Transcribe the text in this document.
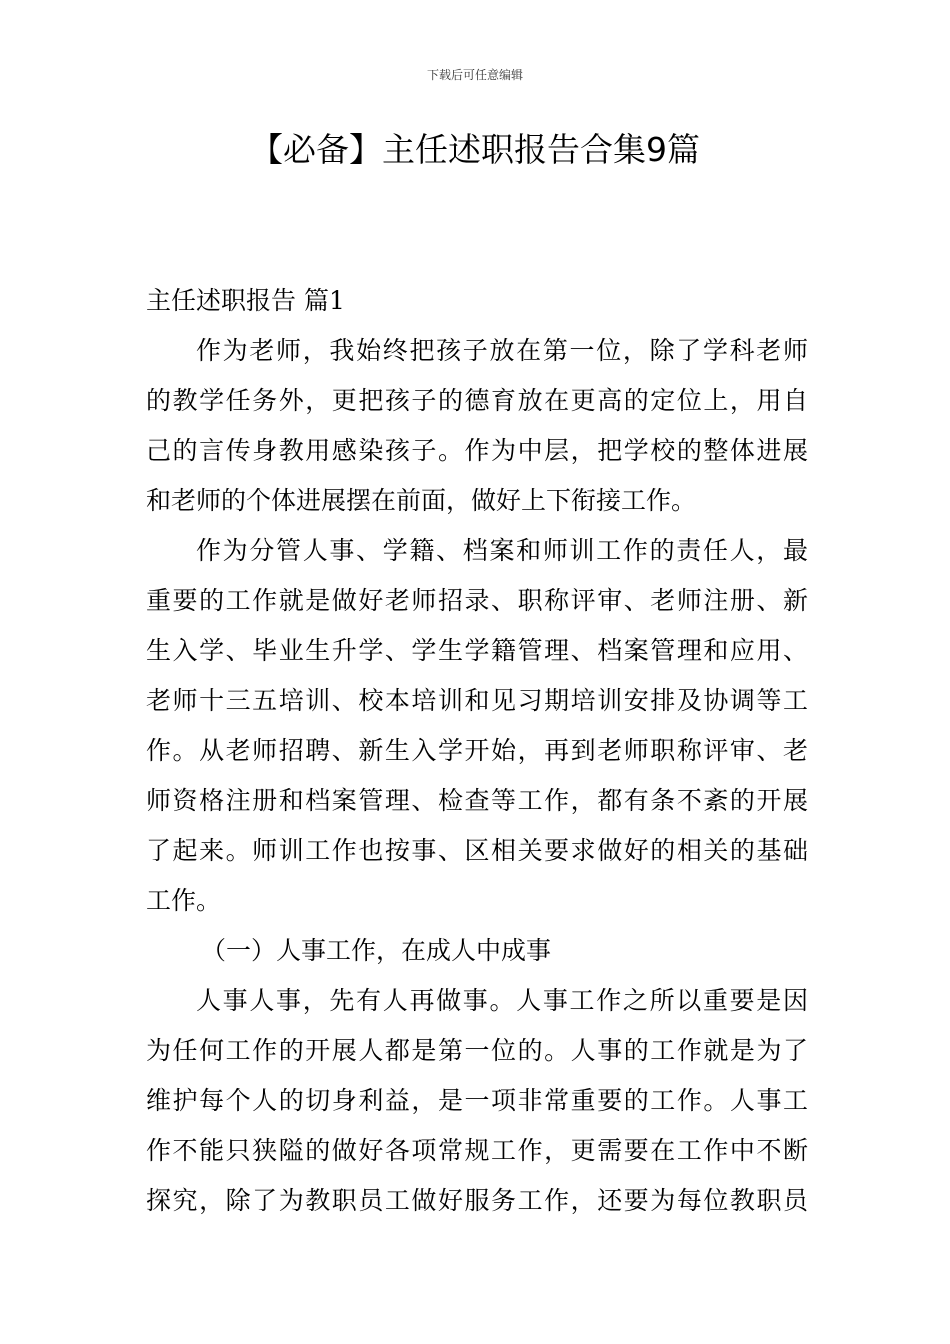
下载后可任意编辑
【必备】主任述职报告合集9篇
主任述职报告 篇1
作为老师，我始终把孩子放在第一位，除了学科老师
的教学任务外，更把孩子的德育放在更高的定位上，用自
己的言传身教用感染孩子。作为中层，把学校的整体进展
和老师的个体进展摆在前面，做好上下衔接工作。
作为分管人事、学籍、档案和师训工作的责任人，最
重要的工作就是做好老师招录、职称评审、老师注册、新
生入学、毕业生升学、学生学籍管理、档案管理和应用、
老师十三五培训、校本培训和见习期培训安排及协调等工
作。从老师招聘、新生入学开始，再到老师职称评审、老
师资格注册和档案管理、检查等工作，都有条不紊的开展
了起来。师训工作也按事、区相关要求做好的相关的基础
工作。
（一）人事工作，在成人中成事
人事人事，先有人再做事。人事工作之所以重要是因
为任何工作的开展人都是第一位的。人事的工作就是为了
维护每个人的切身利益，是一项非常重要的工作。人事工
作不能只狭隘的做好各项常规工作，更需要在工作中不断
探究，除了为教职员工做好服务工作，还要为每位教职员
